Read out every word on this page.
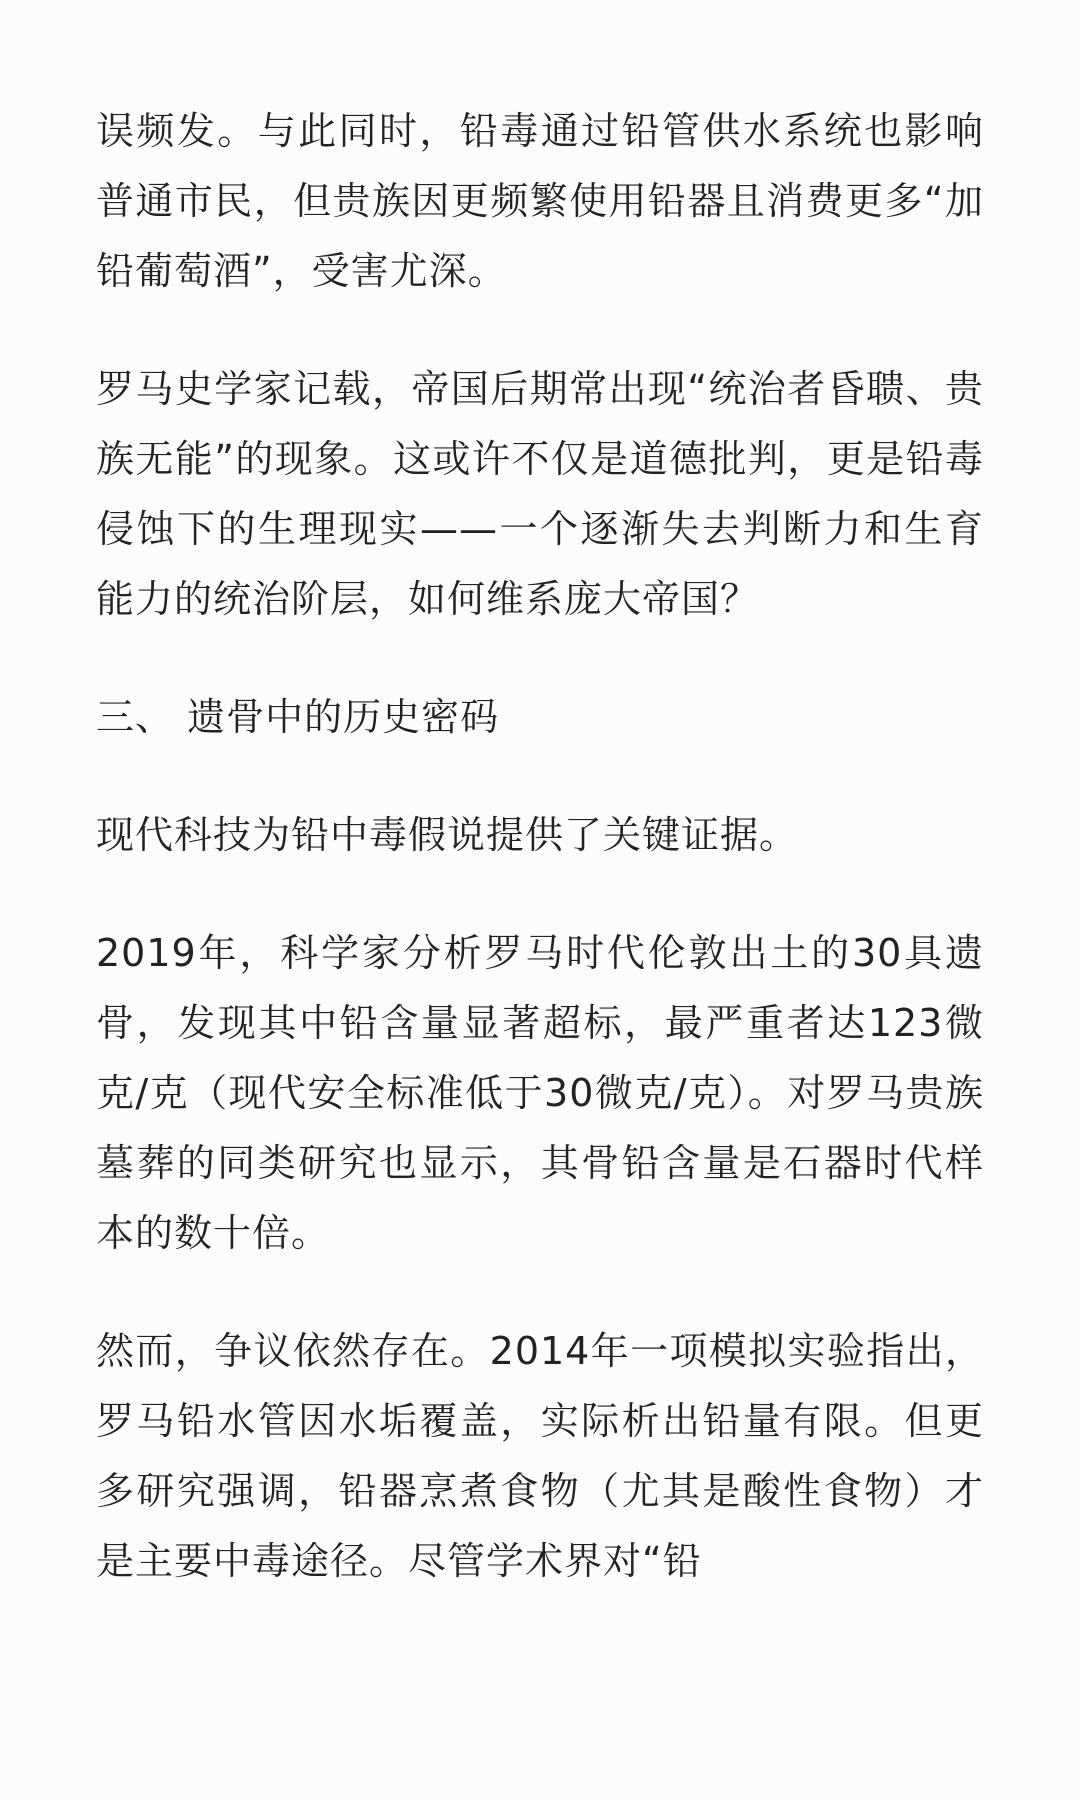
误频发。与此同时，铅毒通过铅管供水系统也影响普通市民，但贵族因更频繁使用铅器且消费更多“加铅葡萄酒”，受害尤深。

罗马史学家记载，帝国后期常出现“统治者昏聩、贵族无能”的现象。这或许不仅是道德批判，更是铅毒侵蚀下的生理现实——一个逐渐失去判断力和生育能力的统治阶层，如何维系庞大帝国？

三、 遗骨中的历史密码

现代科技为铅中毒假说提供了关键证据。

2019年，科学家分析罗马时代伦敦出土的30具遗骨，发现其中铅含量显著超标，最严重者达123微克/克（现代安全标准低于30微克/克）。对罗马贵族墓葬的同类研究也显示，其骨铅含量是石器时代样本的数十倍。

然而，争议依然存在。2014年一项模拟实验指出，罗马铅水管因水垢覆盖，实际析出铅量有限。但更多研究强调，铅器烹煮食物（尤其是酸性食物）才是主要中毒途径。尽管学术界对“铅
